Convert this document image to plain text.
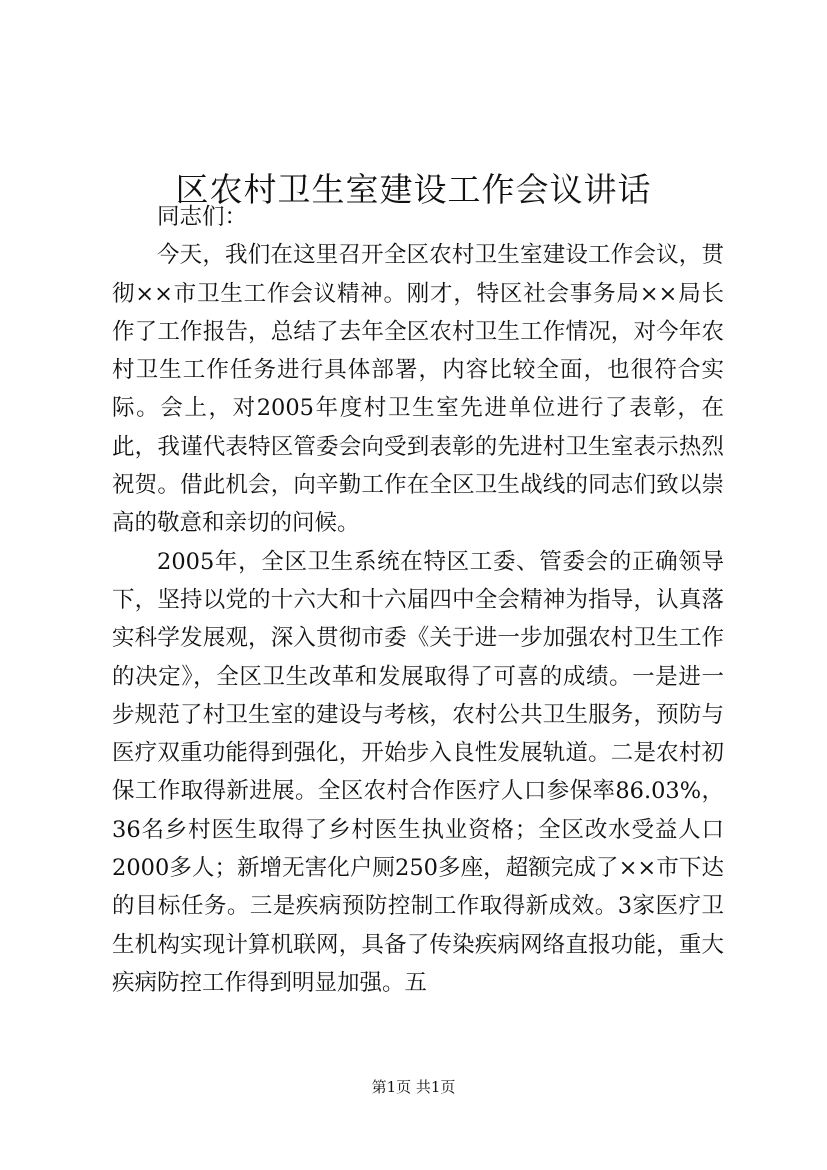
区农村卫生室建设工作会议讲话

同志们：

今天，我们在这里召开全区农村卫生室建设工作会议，贯彻××市卫生工作会议精神。刚才，特区社会事务局××局长作了工作报告，总结了去年全区农村卫生工作情况，对今年农村卫生工作任务进行具体部署，内容比较全面，也很符合实际。会上，对2005年度村卫生室先进单位进行了表彰，在此，我谨代表特区管委会向受到表彰的先进村卫生室表示热烈祝贺。借此机会，向辛勤工作在全区卫生战线的同志们致以崇高的敬意和亲切的问候。

2005年，全区卫生系统在特区工委、管委会的正确领导下，坚持以党的十六大和十六届四中全会精神为指导，认真落实科学发展观，深入贯彻市委《关于进一步加强农村卫生工作的决定》，全区卫生改革和发展取得了可喜的成绩。一是进一步规范了村卫生室的建设与考核，农村公共卫生服务，预防与医疗双重功能得到强化，开始步入良性发展轨道。二是农村初保工作取得新进展。全区农村合作医疗人口参保率86.03%，36名乡村医生取得了乡村医生执业资格；全区改水受益人口2000多人；新增无害化户厕250多座，超额完成了××市下达的目标任务。三是疾病预防控制工作取得新成效。3家医疗卫生机构实现计算机联网，具备了传染疾病网络直报功能，重大疾病防控工作得到明显加强。五

第1页 共1页
